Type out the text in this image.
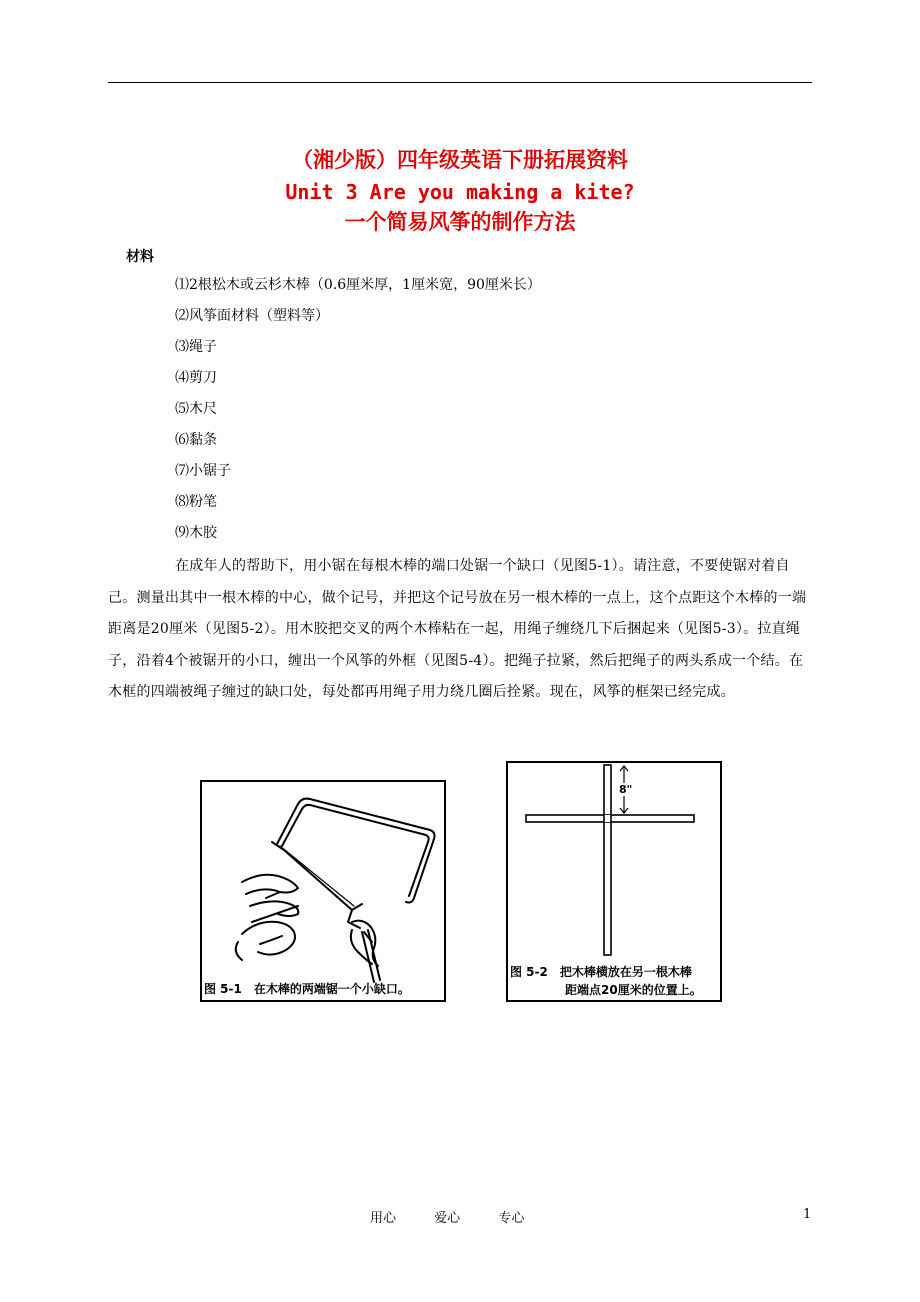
（湘少版）四年级英语下册拓展资料
Unit 3 Are you making a kite?
一个简易风筝的制作方法
材料
⑴2根松木或云杉木棒（0.6厘米厚，1厘米宽，90厘米长）
⑵风筝面材料（塑料等）
⑶绳子
⑷剪刀
⑸木尺
⑹黏条
⑺小锯子
⑻粉笔
⑼木胶

在成年人的帮助下，用小锯在每根木棒的端口处锯一个缺口（见图5-1）。请注意，不要使锯对着自己。测量出其中一根木棒的中心，做个记号，并把这个记号放在另一根木棒的一点上，这个点距这个木棒的一端距离是20厘米（见图5-2）。用木胶把交叉的两个木棒粘在一起，用绳子缠绕几下后捆起来（见图5-3）。拉直绳子，沿着4个被锯开的小口，缠出一个风筝的外框（见图5-4）。把绳子拉紧，然后把绳子的两头系成一个结。在木框的四端被绳子缠过的缺口处，每处都再用绳子用力绕几圈后拴紧。现在，风筝的框架已经完成。

图 5-1　在木棒的两端锯一个小缺口。
8"
图 5-2　把木棒横放在另一根木棒
距端点20厘米的位置上。
用心	爱心	专心	1
